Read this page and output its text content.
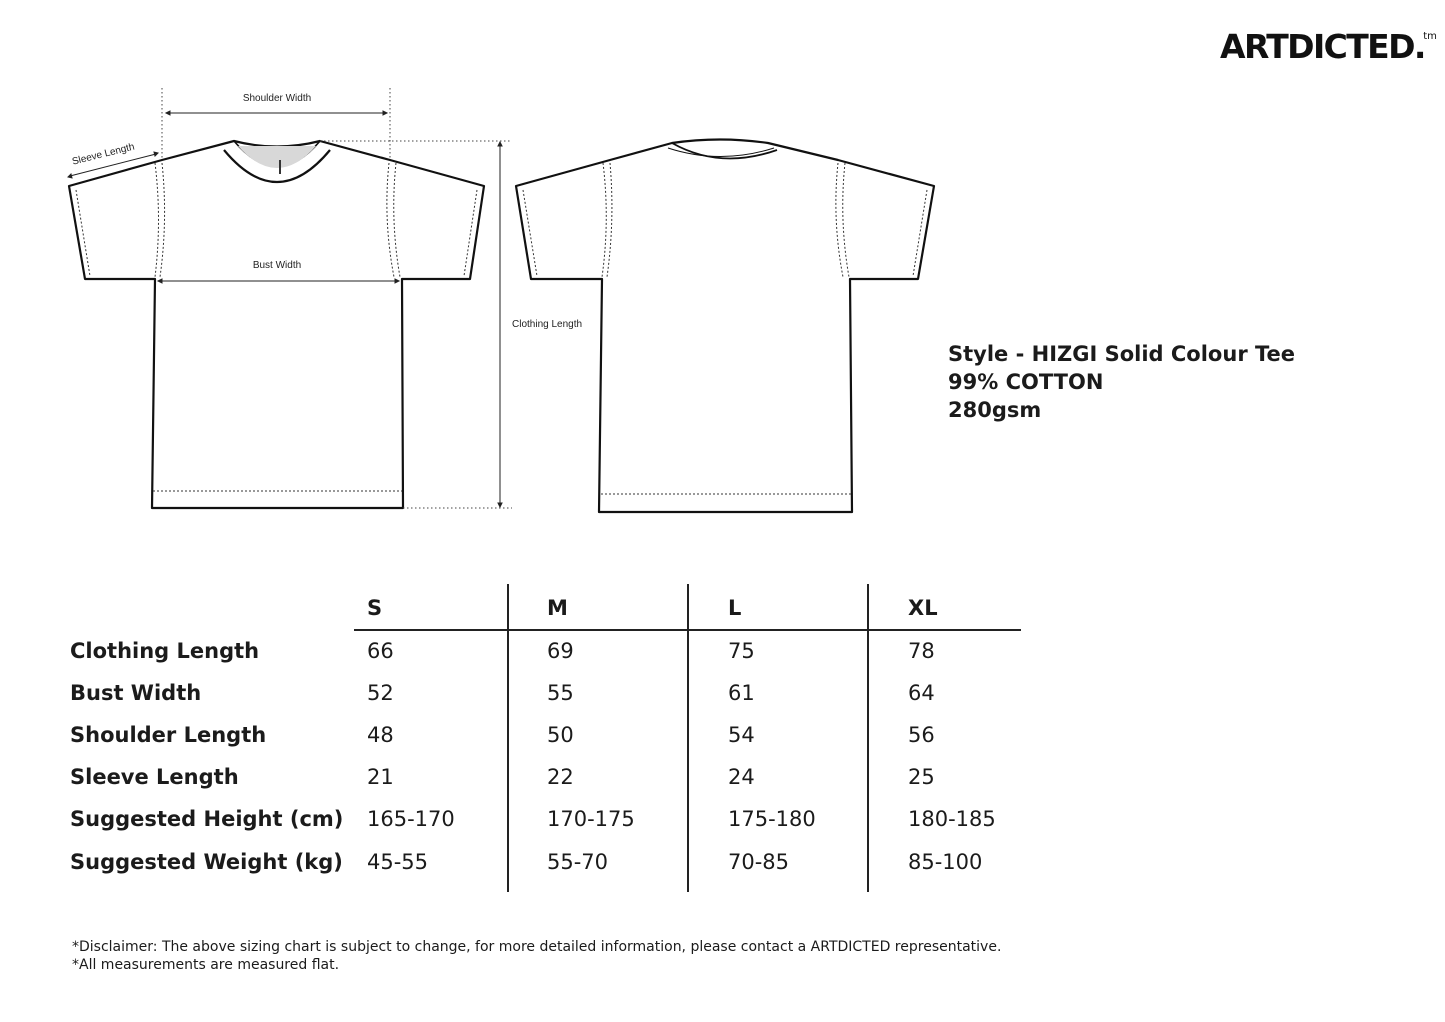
ARTDICTED.
tm
Shoulder Width
Sleeve Length
Bust Width
Clothing Length
Style - HIZGI Solid Colour Tee
99% COTTON
280gsm
S	M	L	XL
Clothing Length	66	69	75	78
Bust Width	52	55	61	64
Shoulder Length	48	50	54	56
Sleeve Length	21	22	24	25
Suggested Height (cm) 165-170	170-175	175-180	180-185
Suggested Weight (kg) 45-55	55-70	70-85	85-100
*Disclaimer: The above sizing chart is subject to change, for more detailed information, please contact a ARTDICTED representative.
*All measurements are measured flat.
